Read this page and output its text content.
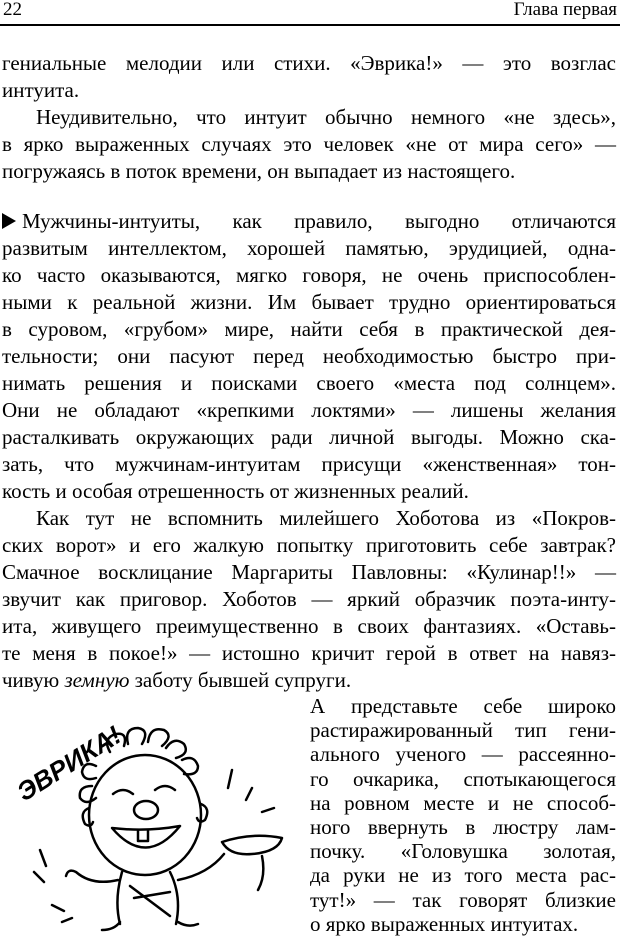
22	Глава первая
гениальные мелодии или стихи. «Эврика!» — это возглас
интуита.
Неудивительно, что интуит обычно немного «не здесь»,
в ярко выраженных случаях это человек «не от мира сего» —
погружаясь в поток времени, он выпадает из настоящего.
Мужчины-интуиты, как правило, выгодно отличаются
развитым интеллектом, хорошей памятью, эрудицией, одна-
ко часто оказываются, мягко говоря, не очень приспособлен-
ными к реальной жизни. Им бывает трудно ориентироваться
в суровом, «грубом» мире, найти себя в практической дея-
тельности; они пасуют перед необходимостью быстро при-
нимать решения и поисками своего «места под солнцем».
Они не обладают «крепкими локтями» — лишены желания
расталкивать окружающих ради личной выгоды. Можно ска-
зать, что мужчинам-интуитам присущи «женственная» тон-
кость и особая отрешенность от жизненных реалий.
Как тут не вспомнить милейшего Хоботова из «Покров-
ских ворот» и его жалкую попытку приготовить себе завтрак?
Смачное восклицание Маргариты Павловны: «Кулинар!!» —
звучит как приговор. Хоботов — яркий образчик поэта-инту-
ита, живущего преимущественно в своих фантазиях. «Оставь-
те меня в покое!» — истошно кричит герой в ответ на навяз-
чивую земную заботу бывшей супруги.
А представьте себе широко
растиражированный тип гени-
ального ученого — рассеянно-
го очкарика, спотыкающегося
на ровном месте и не способ-
ного ввернуть в люстру лам-
почку. «Головушка золотая,
да руки не из того места рас-
тут!» — так говорят близкие
о ярко выраженных интуитах.
ЭВРИКА!
